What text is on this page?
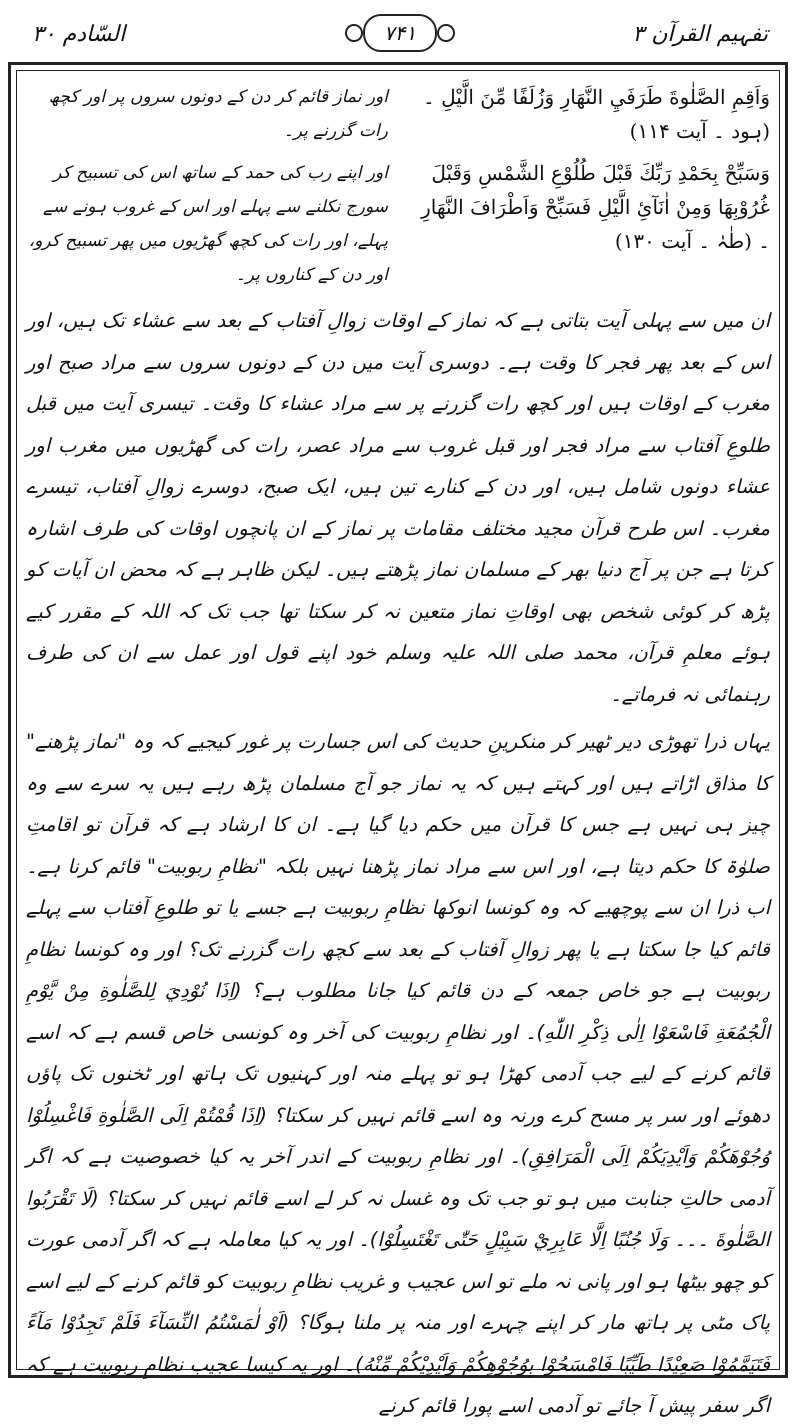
السّادم ۳۰	۷۴۱	تفہیم القرآن ۳
وَاَقِمِ الصَّلٰوةَ طَرَفَيِ النَّهَارِ وَزُلَفًا مِّنَ الَّيْلِ ۔ (ہود ۔ آیت ۱۱۴)
اور نماز قائم کر دن کے دونوں سروں پر اور کچھ رات گزرنے پر۔
وَسَبِّحْ بِحَمْدِ رَبِّكَ قَبْلَ طُلُوْعِ الشَّمْسِ وَقَبْلَ غُرُوْبِهَا وَمِنْ اٰنَآئِ الَّيْلِ فَسَبِّحْ وَاَطْرَافَ النَّهَارِ ۔ (طٰہٰ ۔ آیت ۱۳۰)
اور اپنے رب کی حمد کے ساتھ اس کی تسبیح کر سورج نکلنے سے پہلے اور اس کے غروب ہونے سے پہلے، اور رات کی کچھ گھڑیوں میں پھر تسبیح کرو، اور دن کے کناروں پر۔

ان میں سے پہلی آیت بتاتی ہے کہ نماز کے اوقات زوالِ آفتاب کے بعد سے عشاء تک ہیں، اور اس کے بعد پھر فجر کا وقت ہے۔ دوسری آیت میں دن کے دونوں سروں سے مراد صبح اور مغرب کے اوقات ہیں اور کچھ رات گزرنے پر سے مراد عشاء کا وقت۔ تیسری آیت میں قبل طلوعِ آفتاب سے مراد فجر اور قبل غروب سے مراد عصر، رات کی گھڑیوں میں مغرب اور عشاء دونوں شامل ہیں، اور دن کے کنارے تین ہیں، ایک صبح، دوسرے زوالِ آفتاب، تیسرے مغرب۔ اس طرح قرآن مجید مختلف مقامات پر نماز کے ان پانچوں اوقات کی طرف اشارہ کرتا ہے جن پر آج دنیا بھر کے مسلمان نماز پڑھتے ہیں۔ لیکن ظاہر ہے کہ محض ان آیات کو پڑھ کر کوئی شخص بھی اوقاتِ نماز متعین نہ کر سکتا تھا جب تک کہ اللہ کے مقرر کیے ہوئے معلمِ قرآن، محمد صلی اللہ علیہ وسلم خود اپنے قول اور عمل سے ان کی طرف رہنمائی نہ فرماتے۔

یہاں ذرا تھوڑی دیر ٹھیر کر منکرینِ حدیث کی اس جسارت پر غور کیجیے کہ وہ "نماز پڑھنے" کا مذاق اڑاتے ہیں اور کہتے ہیں کہ یہ نماز جو آج مسلمان پڑھ رہے ہیں یہ سرے سے وہ چیز ہی نہیں ہے جس کا قرآن میں حکم دیا گیا ہے۔ ان کا ارشاد ہے کہ قرآن تو اقامتِ صلوٰۃ کا حکم دیتا ہے، اور اس سے مراد نماز پڑھنا نہیں بلکہ "نظامِ ربوبیت" قائم کرنا ہے۔ اب ذرا ان سے پوچھیے کہ وہ کونسا انوکھا نظامِ ربوبیت ہے جسے یا تو طلوعِ آفتاب سے پہلے قائم کیا جا سکتا ہے یا پھر زوالِ آفتاب کے بعد سے کچھ رات گزرنے تک؟ اور وہ کونسا نظامِ ربوبیت ہے جو خاص جمعہ کے دن قائم کیا جانا مطلوب ہے؟ (اِذَا نُوْدِيَ لِلصَّلٰوةِ مِنْ يَّوْمِ الْجُمُعَةِ فَاسْعَوْا اِلٰى ذِكْرِ اللّٰهِ)۔ اور نظامِ ربوبیت کی آخر وہ کونسی خاص قسم ہے کہ اسے قائم کرنے کے لیے جب آدمی کھڑا ہو تو پہلے منہ اور کہنیوں تک ہاتھ اور ٹخنوں تک پاؤں دھوئے اور سر پر مسح کرے ورنہ وہ اسے قائم نہیں کر سکتا؟ (اِذَا قُمْتُمْ اِلَى الصَّلٰوةِ فَاغْسِلُوْا وُجُوْهَكُمْ وَاَيْدِيَكُمْ اِلَى الْمَرَافِقِ)۔ اور نظامِ ربوبیت کے اندر آخر یہ کیا خصوصیت ہے کہ اگر آدمی حالتِ جنابت میں ہو تو جب تک وہ غسل نہ کر لے اسے قائم نہیں کر سکتا؟ (لَا تَقْرَبُوا الصَّلٰوةَ ۔۔۔ وَلَا جُنُبًا اِلَّا عَابِرِيْ سَبِيْلٍ حَتّٰى تَغْتَسِلُوْا)۔ اور یہ کیا معاملہ ہے کہ اگر آدمی عورت کو چھو بیٹھا ہو اور پانی نہ ملے تو اس عجیب و غریب نظامِ ربوبیت کو قائم کرنے کے لیے اسے پاک مٹی پر ہاتھ مار کر اپنے چہرے اور منہ پر ملنا ہوگا؟ (اَوْ لٰمَسْتُمُ النِّسَآءَ فَلَمْ تَجِدُوْا مَآءً فَتَيَمَّمُوْا صَعِيْدًا طَيِّبًا فَامْسَحُوْا بِوُجُوْهِكُمْ وَاَيْدِيْكُمْ مِّنْهُ)۔ اور یہ کیسا عجیب نظامِ ربوبیت ہے کہ اگر سفر پیش آ جائے تو آدمی اسے پورا قائم کرنے
